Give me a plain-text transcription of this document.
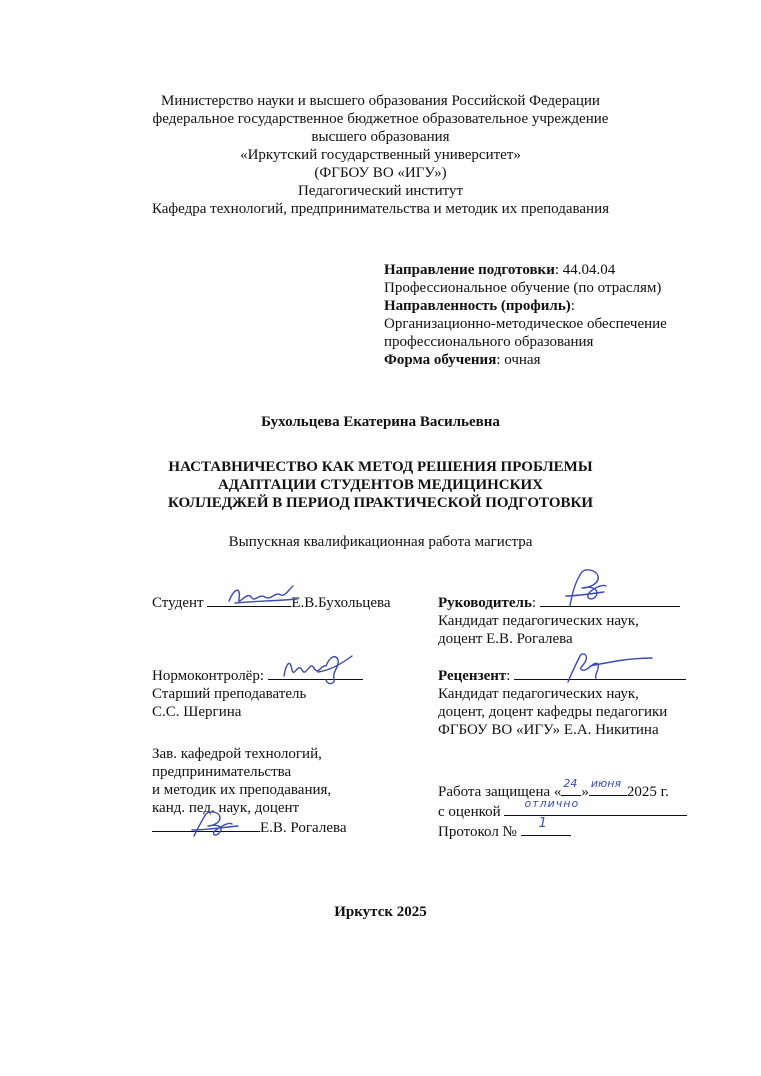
Министерство науки и высшего образования Российской Федерации
федеральное государственное бюджетное образовательное учреждение
высшего образования
«Иркутский государственный университет»
(ФГБОУ ВО «ИГУ»)
Педагогический институт
Кафедра технологий, предпринимательства и методик их преподавания
Направление подготовки: 44.04.04
Профессиональное обучение (по отраслям)
Направленность (профиль):
Организационно-методическое обеспечение
профессионального образования
Форма обучения: очная
Бухольцева Екатерина Васильевна
НАСТАВНИЧЕСТВО КАК МЕТОД РЕШЕНИЯ ПРОБЛЕМЫ
АДАПТАЦИИ СТУДЕНТОВ МЕДИЦИНСКИХ
КОЛЛЕДЖЕЙ В ПЕРИОД ПРАКТИЧЕСКОЙ ПОДГОТОВКИ
Выпускная квалификационная работа магистра
Студент	Е.В.Бухольцева	Руководитель:
Кандидат педагогических наук,
доцент Е.В. Рогалева
Нормоконтролёр:
Старший преподаватель
С.С. Шергина
Рецензент:
Кандидат педагогических наук,
доцент, доцент кафедры педагогики
ФГБОУ ВО «ИГУ» Е.А. Никитина
Зав. кафедрой технологий,
предпринимательства
и методик их преподавания,
канд. пед. наук, доцент
Е.В. Рогалева
Работа защищена «
24
»
июня
2025 г.
с оценкой
отлично
Протокол №
1
Иркутск 2025
